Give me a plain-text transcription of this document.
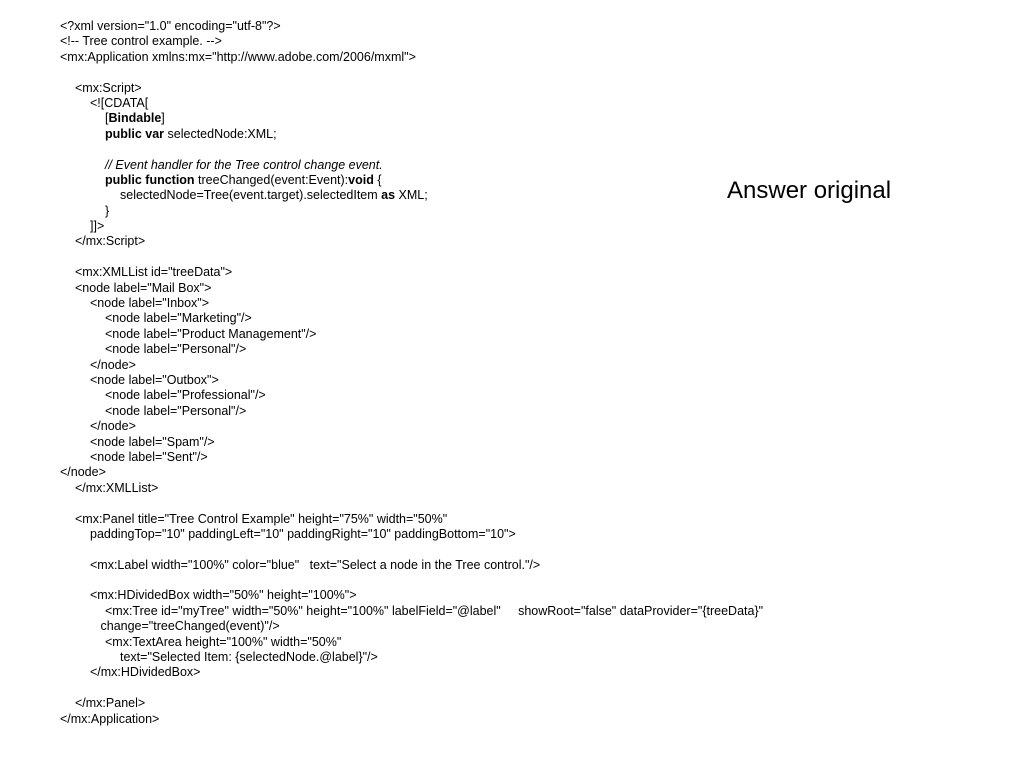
<?xml version="1.0" encoding="utf-8"?>
<!-- Tree control example. -->
<mx:Application xmlns:mx="http://www.adobe.com/2006/mxml">
<mx:Script>
<![CDATA[
[Bindable]
public var selectedNode:XML;
// Event handler for the Tree control change event.
public function treeChanged(event:Event):void {
selectedNode=Tree(event.target).selectedItem as XML;
}
]]>
</mx:Script>
<mx:XMLList id="treeData">
<node label="Mail Box">
<node label="Inbox">
<node label="Marketing"/>
<node label="Product Management"/>
<node label="Personal"/>
</node>
<node label="Outbox">
<node label="Professional"/>
<node label="Personal"/>
</node>
<node label="Spam"/>
<node label="Sent"/>
</node>
</mx:XMLList>
<mx:Panel title="Tree Control Example" height="75%" width="50%"
paddingTop="10" paddingLeft="10" paddingRight="10" paddingBottom="10">
<mx:Label width="100%" color="blue"   text="Select a node in the Tree control."/>
<mx:HDividedBox width="50%" height="100%">
<mx:Tree id="myTree" width="50%" height="100%" labelField="@label"     showRoot="false" dataProvider="{treeData}"
change="treeChanged(event)"/>
<mx:TextArea height="100%" width="50%"
text="Selected Item: {selectedNode.@label}"/>
</mx:HDividedBox>
</mx:Panel>
</mx:Application>
Answer original
